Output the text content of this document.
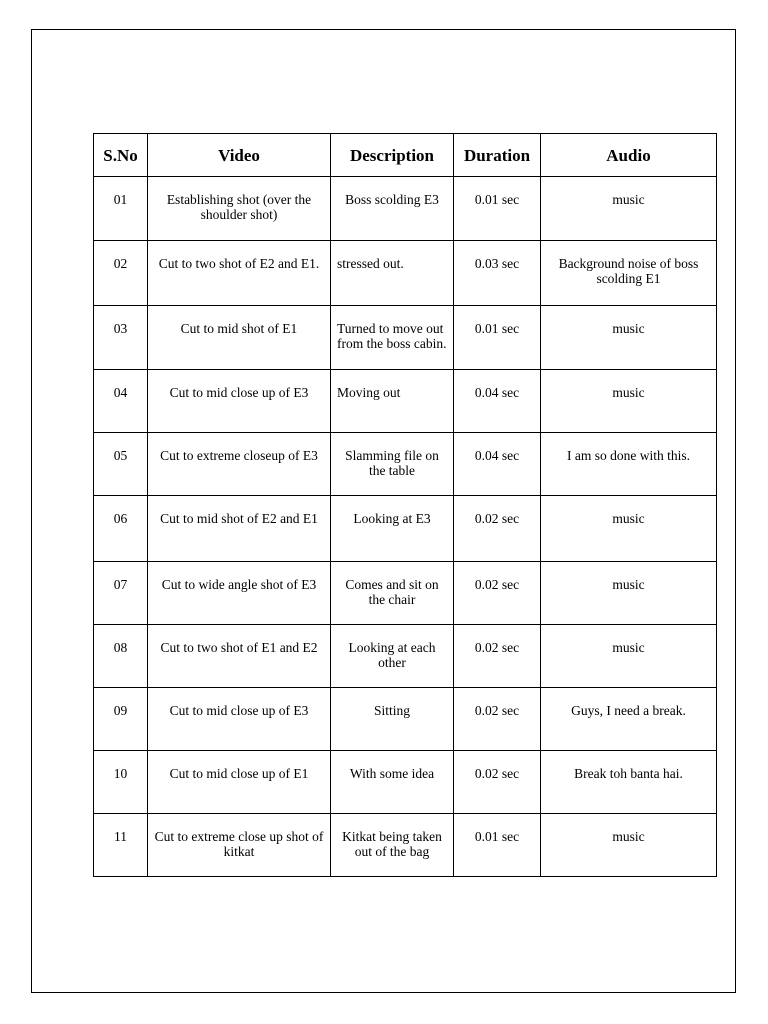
S.No	Video	Description	Duration	Audio
01	Establishing shot (over the shoulder shot)	Boss scolding E3	0.01 sec	music
02	Cut to two shot of E2 and E1.	stressed out.	0.03 sec	Background noise of boss scolding E1
03	Cut to mid shot of E1	Turned to move out from the boss cabin.	0.01 sec	music
04	Cut to mid close up of E3	Moving out	0.04 sec	music
05	Cut to extreme closeup of E3	Slamming file on the table	0.04 sec	I am so done with this.
06	Cut to mid shot of E2 and E1	Looking at E3	0.02 sec	music
07	Cut to wide angle shot of E3	Comes and sit on the chair	0.02 sec	music
08	Cut to two shot of E1 and E2	Looking at each other	0.02 sec	music
09	Cut to mid close up of E3	Sitting	0.02 sec	Guys, I need a break.
10	Cut to mid close up of E1	With some idea	0.02 sec	Break toh banta hai.
11	Cut to extreme close up shot of kitkat	Kitkat being taken out of the bag	0.01 sec	music
